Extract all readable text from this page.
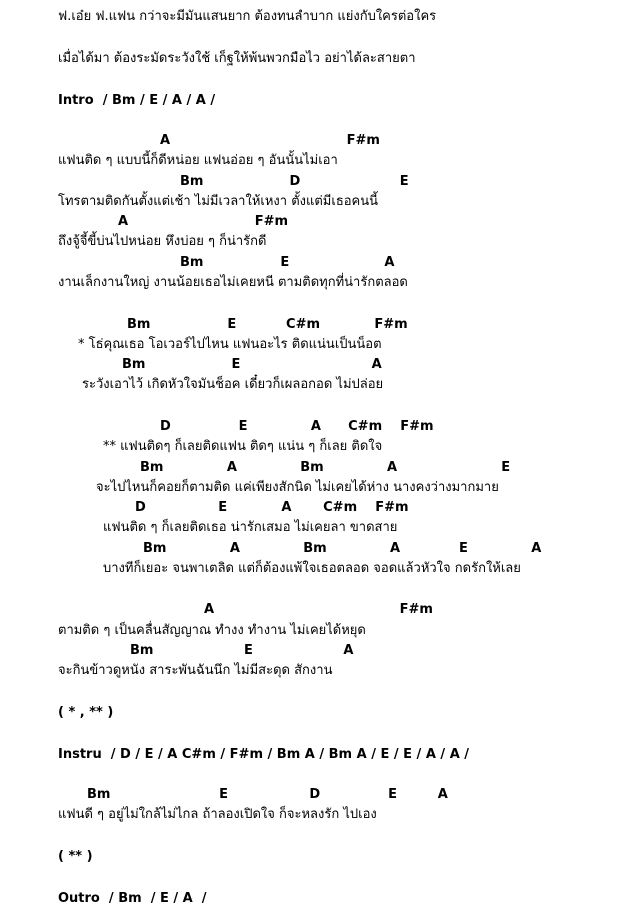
ฟ.เอ๋ย ฟ.แฟน กว่าจะมีมันแสนยาก ต้องทนลำบาก แย่งกับใครต่อใคร
เมื่อได้มา ต้องระมัดระวังใช้ เก็ฐให้พ้นพวกมือไว อย่าได้ละสายตา
Intro  / Bm / E / A / A /
A                                       F#m
แฟนติด ๆ แบบนี้ก็ดีหน่อย แฟนอ่อย ๆ อันนั้นไม่เอา
Bm                   D                      E
โทรตามติดกันตั้งแต่เช้า ไม่มีเวลาให้เหงา ตั้งแต่มีเธอคนนี้
A                            F#m
ถึงจู้จี้ขี้บ่นไปหน่อย หึงบ่อย ๆ ก็น่ารักดี
Bm                 E                     A
งานเล็กงานใหญ่ งานน้อยเธอไม่เคยหนี ตามติดทุกที่น่ารักตลอด
Bm                 E           C#m            F#m
* โธ่คุณเธอ โอเวอร์ไปไหน แฟนอะไร ติดแน่นเป็นน็อต
Bm                   E                             A
ระวังเอาไว้ เกิดหัวใจมันช็อค เดี๋ยวก็เผลอกอด ไม่ปล่อย
D               E              A      C#m    F#m
** แฟนติดๆ ก็เลยติดแฟน ติดๆ แน่น ๆ ก็เลย ติดใจ
Bm              A              Bm              A                       E
จะไปไหนก็คอยก็ตามติด แค่เพียงสักนิด ไม่เคยได้ห่าง นางคงว่างมากมาย
D                E            A       C#m    F#m
แฟนติด ๆ ก็เลยติดเธอ น่ารักเสมอ ไม่เคยลา ขาดสาย
Bm              A              Bm              A             E              A
บางทีก็เยอะ จนพาเตลิด แต่ก็ต้องแพ้ใจเธอตลอด จอดแล้วหัวใจ กดรักให้เลย
A                                         F#m
ตามติด ๆ เป็นคลื่นสัญญาณ ทำงง ทำงาน ไม่เคยได้หยุด
Bm                    E                    A
จะกินข้าวดูหนัง สาระพันฉันนึก ไม่มีสะดุด สักงาน
( * , ** )
Instru  / D / E / A C#m / F#m / Bm A / Bm A / E / E / A / A /
Bm                        E                  D               E         A
แฟนดี ๆ อยู่ไม่ใกล้ไม่ไกล ถ้าลองเปิดใจ ก็จะหลงรัก ไปเอง
( ** )
Outro  / Bm  / E / A  /
